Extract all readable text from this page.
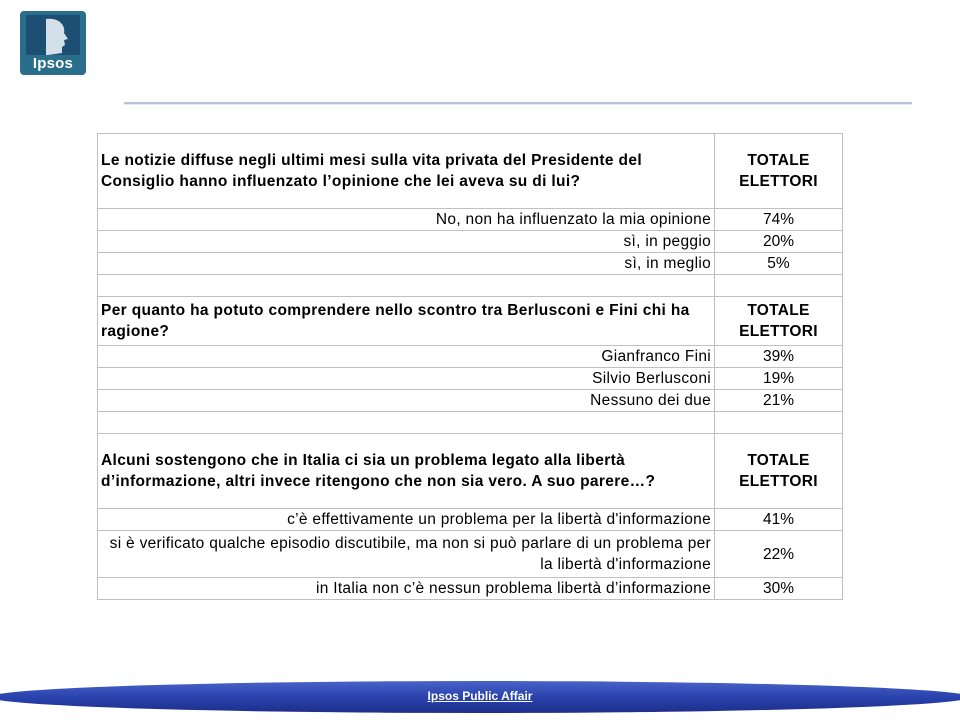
Ipsos
Le notizie diffuse negli ultimi mesi sulla vita privata del Presidente del Consiglio hanno influenzato l’opinione che lei aveva su di lui?	TOTALE ELETTORI
No, non ha influenzato la mia opinione	74%
sì, in peggio	20%
sì, in meglio	5%

Per quanto ha potuto comprendere nello scontro tra Berlusconi e Fini chi ha ragione?	TOTALE ELETTORI
Gianfranco Fini	39%
Silvio Berlusconi	19%
Nessuno dei due	21%

Alcuni sostengono che in Italia ci sia un problema legato alla libertà d’informazione, altri invece ritengono che non sia vero. A suo parere…?	TOTALE ELETTORI
c’è effettivamente un problema per la libertà d'informazione	41%
si è verificato qualche episodio discutibile, ma non si può parlare di un problema per la libertà d'informazione	22%
in Italia non c’è nessun problema libertà d’informazione	30%
Ipsos Public Affair
